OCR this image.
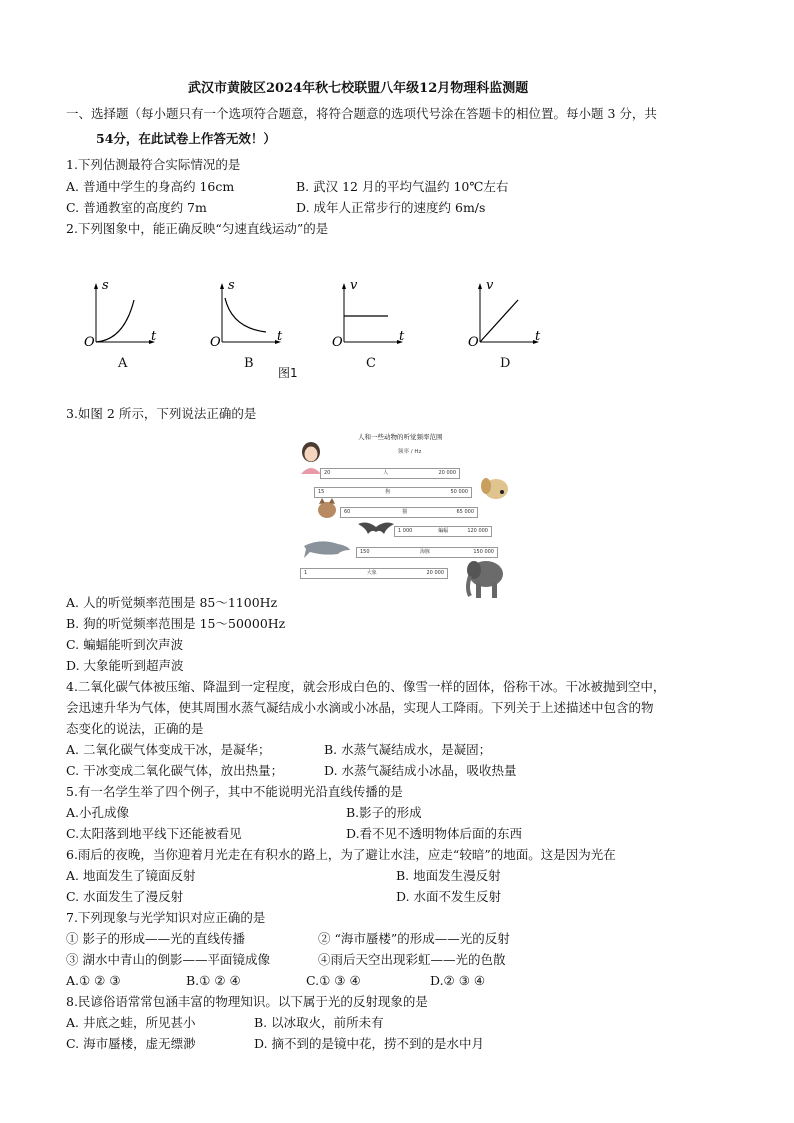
武汉市黄陂区2024年秋七校联盟八年级12月物理科监测题
一、选择题（每小题只有一个选项符合题意，将符合题意的选项代号涂在答题卡的相位置。每小题 3 分，共
54分，在此试卷上作答无效！）
1.下列估测最符合实际情况的是
A. 普通中学生的身高约 16cm	B. 武汉 12 月的平均气温约 10℃左右
C. 普通教室的高度约 7m	D. 成年人正常步行的速度约 6m/s
2.下列图象中，能正确反映“匀速直线运动”的是
s
t
O
A
s
t
O
B
v
t
O
C
v
t
O
D
图1
3.如图 2 所示，下列说法正确的是
人和一些动物的听觉频率范围
频率 / Hz
20	人	20 000
15	狗	50 000
60	猫	65 000
1 000	蝙蝠	120 000
150	海豚	150 000
1	大象	20 000
A. 人的听觉频率范围是 85～1100Hz
B. 狗的听觉频率范围是 15～50000Hz
C. 蝙蝠能听到次声波
D. 大象能听到超声波
4.二氧化碳气体被压缩、降温到一定程度，就会形成白色的、像雪一样的固体，俗称干冰。干冰被抛到空中，
会迅速升华为气体，使其周围水蒸气凝结成小水滴或小冰晶，实现人工降雨。下列关于上述描述中包含的物
态变化的说法，正确的是
A. 二氧化碳气体变成干冰，是凝华；	B. 水蒸气凝结成水，是凝固；
C. 干冰变成二氧化碳气体，放出热量；	D. 水蒸气凝结成小冰晶，吸收热量
5.有一名学生举了四个例子，其中不能说明光沿直线传播的是
A.小孔成像	B.影子的形成
C.太阳落到地平线下还能被看见	D.看不见不透明物体后面的东西
6.雨后的夜晚，当你迎着月光走在有积水的路上，为了避让水洼，应走“较暗”的地面。这是因为光在
A. 地面发生了镜面反射	B. 地面发生漫反射
C. 水面发生了漫反射	D. 水面不发生反射
7.下列现象与光学知识对应正确的是
① 影子的形成——光的直线传播	② “海市蜃楼”的形成——光的反射
③ 湖水中青山的倒影——平面镜成像	④雨后天空出现彩虹——光的色散
A.① ② ③	B.① ② ④	C.① ③ ④	D.② ③ ④
8.民谚俗语常常包涵丰富的物理知识。以下属于光的反射现象的是
A. 井底之蛙，所见甚小	B. 以冰取火，前所未有
C. 海市蜃楼，虚无缥渺	D. 摘不到的是镜中花，捞不到的是水中月
